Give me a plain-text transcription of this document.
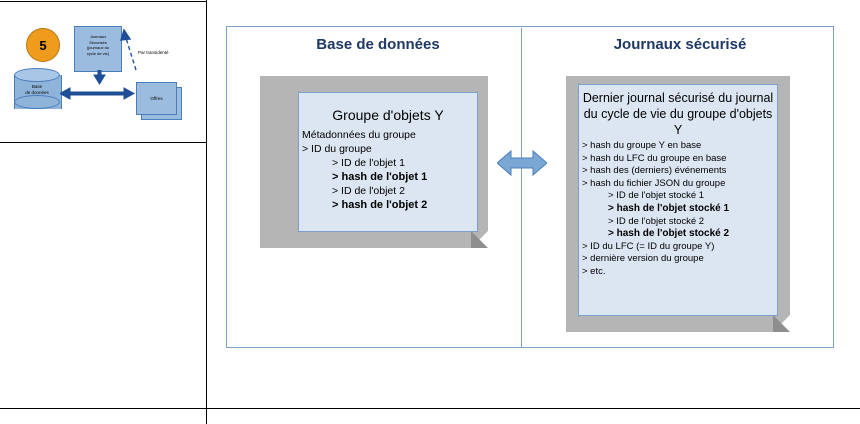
5
Base
de données
Journaux
Sécurisés
(journaux du
cycle de vie)
Offres
Par transidenté	Base de données	Journaux sécurisé
Groupe d'objets Y
Métadonnées du groupe
> ID du groupe
> ID de l'objet 1
> hash de l'objet 1
> ID de l'objet 2
> hash de l'objet 2
Dernier journal sécurisé du journal du cycle de vie du groupe d'objets Y
> hash du groupe Y en base
> hash du LFC du groupe en base
> hash des (derniers) événements
> hash du fichier JSON du groupe
> ID de l'objet stocké 1
> hash de l'objet stocké 1
> ID de l'objet stocké 2
> hash de l'objet stocké 2
> ID du LFC (= ID du groupe Y)
> dernière version du groupe
> etc.
